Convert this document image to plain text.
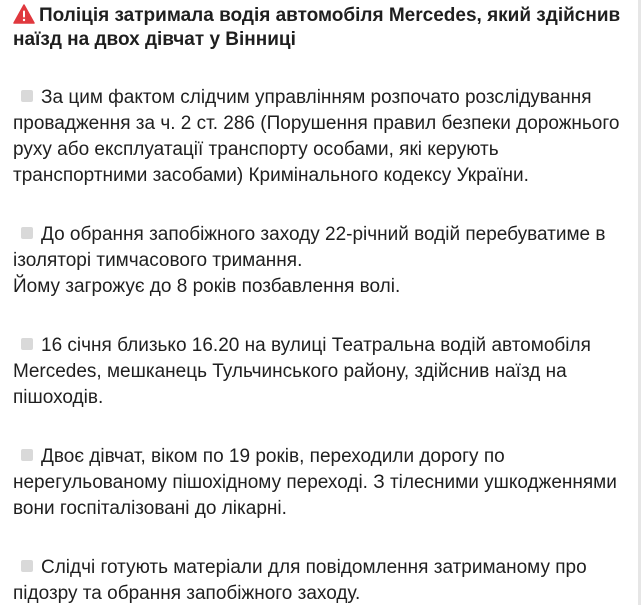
Поліція затримала водія автомобіля Mercedes, який здійснив наїзд на двох дівчат у Вінниці

За цим фактом слідчим управлінням розпочато розслідування провадження за ч. 2 ст. 286 (Порушення правил безпеки дорожнього руху або експлуатації транспорту особами, які керують транспортними засобами) Кримінального кодексу України.

До обрання запобіжного заходу 22-річний водій перебуватиме в ізоляторі тимчасового тримання.
Йому загрожує до 8 років позбавлення волі.

16 січня близько 16.20 на вулиці Театральна водій автомобіля Mercedes, мешканець Тульчинського району, здійснив наїзд на пішоходів.

Двоє дівчат, віком по 19 років, переходили дорогу по нерегульованому пішохідному переході. З тілесними ушкодженнями вони госпіталізовані до лікарні.

Слідчі готують матеріали для повідомлення затриманому про підозру та обрання запобіжного заходу.
